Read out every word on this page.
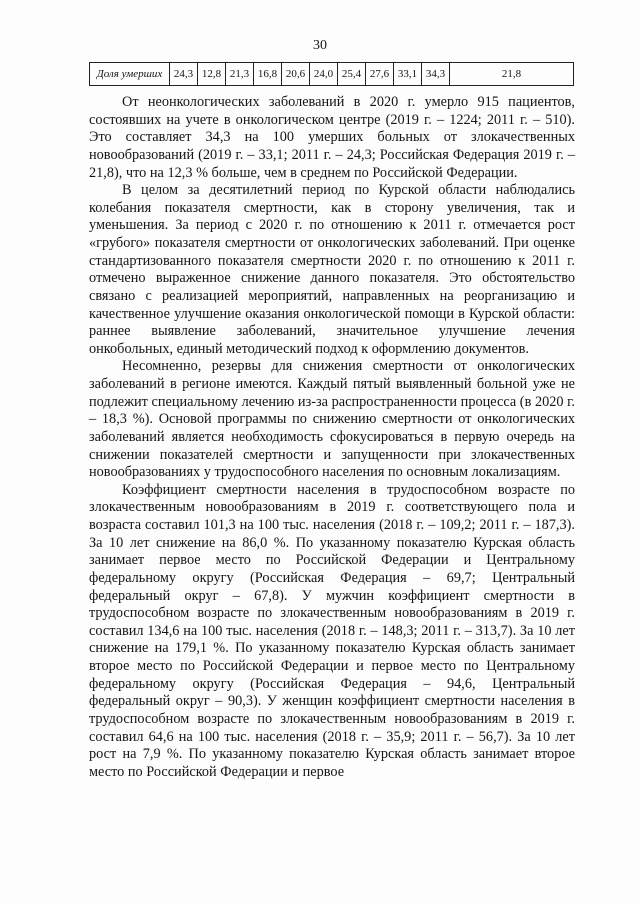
30
Доля умерших	24,3	12,8	21,3	16,8	20,6	24,0	25,4	27,6	33,1	34,3	21,8

От неонкологических заболеваний в 2020 г. умерло 915 пациентов, состоявших на учете в онкологическом центре (2019 г. – 1224; 2011 г. – 510). Это составляет 34,3 на 100 умерших больных от злокачественных новообразований (2019 г. – 33,1; 2011 г. – 24,3; Российская Федерация 2019 г. – 21,8), что на 12,3 % больше, чем в среднем по Российской Федерации.

В целом за десятилетний период по Курской области наблюдались колебания показателя смертности, как в сторону увеличения, так и уменьшения. За период с 2020 г. по отношению к 2011 г. отмечается рост «грубого» показателя смертности от онкологических заболеваний. При оценке стандартизованного показателя смертности 2020 г. по отношению к 2011 г. отмечено выраженное снижение данного показателя. Это обстоятельство связано с реализацией мероприятий, направленных на реорганизацию и качественное улучшение оказания онкологической помощи в Курской области: раннее выявление заболеваний, значительное улучшение лечения онкобольных, единый методический подход к оформлению документов.

Несомненно, резервы для снижения смертности от онкологических заболеваний в регионе имеются. Каждый пятый выявленный больной уже не подлежит специальному лечению из-за распространенности процесса (в 2020 г. – 18,3 %). Основой программы по снижению смертности от онкологических заболеваний является необходимость сфокусироваться в первую очередь на снижении показателей смертности и запущенности при злокачественных новообразованиях у трудоспособного населения по основным локализациям.

Коэффициент смертности населения в трудоспособном возрасте по злокачественным новообразованиям в 2019 г. соответствующего пола и возраста составил 101,3 на 100 тыс. населения (2018 г. – 109,2; 2011 г. – 187,3). За 10 лет снижение на 86,0 %. По указанному показателю Курская область занимает первое место по Российской Федерации и Центральному федеральному округу (Российская Федерация – 69,7; Центральный федеральный округ – 67,8). У мужчин коэффициент смертности в трудоспособном возрасте по злокачественным новообразованиям в 2019 г. составил 134,6 на 100 тыс. населения (2018 г. – 148,3; 2011 г. – 313,7). За 10 лет снижение на 179,1 %. По указанному показателю Курская область занимает второе место по Российской Федерации и первое место по Центральному федеральному округу (Российская Федерация – 94,6, Центральный федеральный округ – 90,3). У женщин коэффициент смертности населения в трудоспособном возрасте по злокачественным новообразованиям в 2019 г. составил 64,6 на 100 тыс. населения (2018 г. – 35,9; 2011 г. – 56,7). За 10 лет рост на 7,9 %. По указанному показателю Курская область занимает второе место по Российской Федерации и первое
